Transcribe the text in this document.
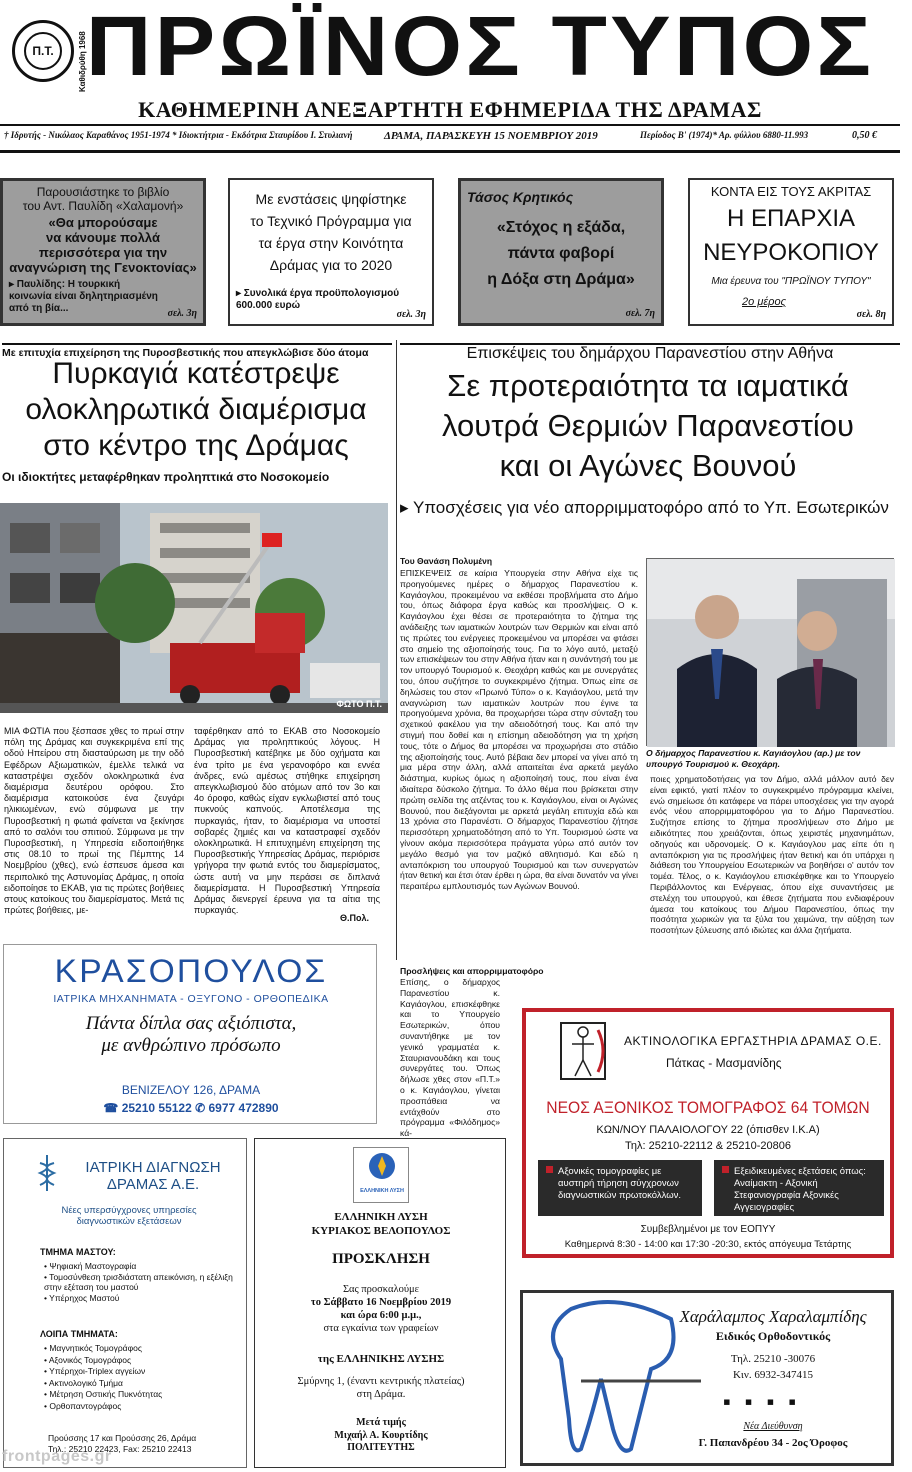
Π.Τ.	Καθιδρύθη 1968
ΠΡΩΪΝΟΣ ΤΥΠΟΣ
ΚΑΘΗΜΕΡΙΝΗ ΑΝΕΞΑΡΤΗΤΗ ΕΦΗΜΕΡΙΔΑ ΤΗΣ ΔΡΑΜΑΣ
† Ιδρυτής - Νικόλαος Καραθάνος 1951-1974 * Ιδιοκτήτρια - Εκδότρια Σταυρίδου Ι. Στυλιανή	ΔΡΑΜΑ, ΠΑΡΑΣΚΕΥΗ 15 ΝΟΕΜΒΡΙΟΥ 2019	Περίοδος Β' (1974)* Αρ. φύλλου 6880-11.993	0,50 €
Παρουσιάστηκε το βιβλίο
του Αντ. Παυλίδη «Χαλαμονή»
«Θα μπορούσαμε
να κάνουμε πολλά
περισσότερα για την
αναγνώριση της Γενοκτονίας»
▸ Παυλίδης: Η τουρκική κοινωνία είναι δηλητηριασμένη από τη βία...	σελ. 3η
Με ενστάσεις ψηφίστηκε
το Τεχνικό Πρόγραμμα για
τα έργα στην Κοινότητα
Δράμας για το 2020
▸ Συνολικά έργα προϋπολογισμού 600.000 ευρώ
σελ. 3η
Τάσος Κρητικός
«Στόχος η εξάδα,
πάντα φαβορί
η Δόξα στη Δράμα»
σελ. 7η
ΚΟΝΤΑ ΕΙΣ ΤΟΥΣ ΑΚΡΙΤΑΣ
Η ΕΠΑΡΧΙΑ
ΝΕΥΡΟΚΟΠΙΟΥ
Μια έρευνα του "ΠΡΩΪΝΟΥ ΤΥΠΟΥ"
2ο μέρος
σελ. 8η
Με επιτυχία επιχείρηση της Πυροσβεστικής που απεγκλώβισε δύο άτομα
Πυρκαγιά κατέστρεψε
ολοκληρωτικά διαμέρισμα
στο κέντρο της Δράμας
Οι ιδιοκτήτες μεταφέρθηκαν προληπτικά στο Νοσοκομείο
ΦΩΤΟ Π.Τ.
ΜΙΑ ΦΩΤΙΑ που ξέσπασε χθες το πρωί στην πόλη της Δράμας και συγκεκριμένα επί της οδού Ηπείρου στη διασταύρωση με την οδό Εφέδρων Αξιωματικών, έμελλε τελικά να καταστρέψει σχεδόν ολοκληρωτικά ένα διαμέρισμα δευτέρου ορόφου. Στο διαμέρισμα κατοικούσε ένα ζευγάρι ηλικιωμένων, ενώ σύμφωνα με την Πυροσβεστική η φωτιά φαίνεται να ξεκίνησε από το σαλόνι του σπιτιού. Σύμφωνα με την Πυροσβεστική, η Υπηρεσία ειδοποιήθηκε στις 08.10 το πρωί της Πέμπτης 14 Νοεμβρίου (χθες), ενώ έσπευσε άμεσα και περιπολικό της Αστυνομίας Δράμας, η οποία ειδοποίησε το ΕΚΑΒ, για τις πρώτες βοήθειες στους κατοίκους του διαμερίσματος. Μετά τις πρώτες βοήθειες, με-
ταφέρθηκαν από το ΕΚΑΒ στο Νοσοκομείο Δράμας για προληπτικούς λόγους. Η Πυροσβεστική κατέβηκε με δύο οχήματα και ένα τρίτο με ένα γερανοφόρο και εννέα άνδρες, ενώ αμέσως στήθηκε επιχείρηση απεγκλωβισμού δύο ατόμων από τον 3ο και 4ο όροφο, καθώς είχαν εγκλωβιστεί από τους πυκνούς καπνούς. Αποτέλεσμα της πυρκαγιάς, ήταν, το διαμέρισμα να υποστεί σοβαρές ζημιές και να καταστραφεί σχεδόν ολοκληρωτικά. Η επιτυχημένη επιχείρηση της Πυροσβεστικής Υπηρεσίας Δράμας, περιόρισε γρήγορα την φωτιά εντός του διαμερίσματος, ώστε αυτή να μην περάσει σε διπλανά διαμερίσματα. Η Πυροσβεστική Υπηρεσία Δράμας διενεργεί έρευνα για τα αίτια της πυρκαγιάς.
Θ.Πολ.
Επισκέψεις του δημάρχου Παρανεστίου στην Αθήνα
Σε προτεραιότητα τα ιαματικά
λουτρά Θερμιών Παρανεστίου
και οι Αγώνες Βουνού
▸ Υποσχέσεις για νέο απορριμματοφόρο από το Υπ. Εσωτερικών
Του Θανάση Πολυμένη
ΕΠΙΣΚΕΨΕΙΣ σε καίρια Υπουργεία στην Αθήνα είχε τις προηγούμενες ημέρες ο δήμαρχος Παρανεστίου κ. Καγιάογλου, προκειμένου να εκθέσει προβλήματα στο Δήμο του, όπως διάφορα έργα καθώς και προσλήψεις. Ο κ. Καγιάογλου έχει θέσει σε προτεραιότητα το ζήτημα της ανάδειξης των ιαματικών λουτρών των Θερμιών και είναι από τις πρώτες του ενέργειες προκειμένου να μπορέσει να φτάσει στο σημείο της αξιοποίησής τους. Για το λόγο αυτό, μεταξύ των επισκέψεων του στην Αθήνα ήταν και η συνάντησή του με τον υπουργό Τουρισμού κ. Θεοχάρη καθώς και με συνεργάτες του, όπου συζήτησε το συγκεκριμένο ζήτημα. Όπως είπε σε δηλώσεις του στον «Πρωινό Τύπο» ο κ. Καγιάογλου, μετά την αναγνώριση των ιαματικών λουτρών που έγινε τα προηγούμενα χρόνια, θα προχωρήσει τώρα στην σύνταξη του σχετικού φακέλου για την αδειοδότησή τους. Και από την στιγμή που δοθεί και η επίσημη αδειοδότηση για τη χρήση τους, τότε ο Δήμος θα μπορέσει να προχωρήσει στο στάδιο της αξιοποίησής τους. Αυτό βέβαια δεν μπορεί να γίνει από τη μια μέρα στην άλλη, αλλά απαιτείται ένα αρκετά μεγάλο διάστημα, κυρίως όμως η αξιοποίησή τους, που είναι ένα ιδιαίτερα δύσκολο ζήτημα. Το άλλο θέμα που βρίσκεται στην πρώτη σελίδα της ατζέντας του κ. Καγιάογλου, είναι οι Αγώνες Βουνού, που διεξάγονται με αρκετά μεγάλη επιτυχία εδώ και 13 χρόνια στο Παρανέστι. Ο δήμαρχος Παρανεστίου ζήτησε περισσότερη χρηματοδότηση από το Υπ. Τουρισμού ώστε να γίνουν ακόμα περισσότερα πράγματα γύρω από αυτόν τον μεγάλο θεσμό για τον μαζικό αθλητισμό. Και εδώ η ανταπόκριση του υπουργού Τουρισμού και των συνεργατών ήταν θετική και έτσι όταν έρθει η ώρα, θα είναι δυνατόν να γίνει περαιτέρω εμπλουτισμός των Αγώνων Βουνού.
Προσλήψεις και απορριμματοφόρο
Επίσης, ο δήμαρχος Παρανεστίου κ. Καγιάογλου, επισκέφθηκε και το Υπουργείο Εσωτερικών, όπου συναντήθηκε με τον γενικό γραμματέα κ. Σταυριανουδάκη και τους συνεργάτες του. Όπως δήλωσε χθες στον «Π.Τ.» ο κ. Καγιάογλου, γίνεται προσπάθεια να εντάχθούν στο πρόγραμμα «Φιλόδημος» κά-
Ο δήμαρχος Παρανεστίου κ. Καγιάογλου (αρ.) με τον υπουργό Τουρισμού κ. Θεοχάρη.
ποιες χρηματοδοτήσεις για τον Δήμο, αλλά μάλλον αυτό δεν είναι εφικτό, γιατί πλέον το συγκεκριμένο πρόγραμμα κλείνει, ενώ σημείωσε ότι κατάφερε να πάρει υποσχέσεις για την αγορά ενός νέου απορριμματοφόρου για το Δήμο Παρανεστίου. Συζήτησε επίσης το ζήτημα προσλήψεων στο Δήμο με ειδικότητες που χρειάζονται, όπως χειριστές μηχανημάτων, οδηγούς και υδρονομείς. Ο κ. Καγιάογλου μας είπε ότι η ανταπόκριση για τις προσλήψεις ήταν θετική και ότι υπάρχει η διάθεση του Υπουργείου Εσωτερικών να βοηθήσει ο' αυτόν τον τομέα. Τέλος, ο κ. Καγιάογλου επισκέφθηκε και το Υπουργείο Περιβάλλοντος και Ενέργειας, όπου είχε συναντήσεις με στελέχη του υπουργού, και έθεσε ζητήματα που ενδιαφέρουν άμεσα του κατοίκους του Δήμου Παρανεστίου, όπως την ποσότητα χωρικών για τα ξύλα του χειμώνα, την αύξηση των ποσοτήτων ξύλευσης από ιδιώτες και άλλα ζητήματα.
ΚΡΑΣΟΠΟΥΛΟΣ
ΙΑΤΡΙΚΑ ΜΗΧΑΝΗΜΑΤΑ - ΟΞΥΓΟΝΟ - ΟΡΘΟΠΕΔΙΚΑ
Πάντα δίπλα σας αξιόπιστα,
με ανθρώπινο πρόσωπο
ΒΕΝΙΖΕΛΟΥ 126, ΔΡΑΜΑ
☎ 25210 55122 ✆ 6977 472890
ΑΚΤΙΝΟΛΟΓΙΚΑ ΕΡΓΑΣΤΗΡΙΑ ΔΡΑΜΑΣ Ο.Ε.
Πάτκας - Μασμανίδης
ΝΕΟΣ ΑΞΟΝΙΚΟΣ ΤΟΜΟΓΡΑΦΟΣ 64 ΤΟΜΩΝ
ΚΩΝ/ΝΟΥ ΠΑΛΑΙΟΛΟΓΟΥ 22 (όπισθεν Ι.Κ.Α)
Τηλ: 25210-22112 & 25210-20806
Αξονικές τομογραφίες με αυστηρή τήρηση σύγχρονων διαγνωστικών πρωτοκόλλων.
Εξειδικευμένες εξετάσεις όπως: Αναίμακτη - Αξονική Στεφανιογραφία Αξονικές Αγγειογραφίες
Συμβεβλημένοι με τον ΕΟΠΥΥ
Καθημερινά 8:30 - 14:00 και 17:30 -20:30, εκτός απόγευμα Τετάρτης
ΙΑΤΡΙΚΗ ΔΙΑΓΝΩΣΗ
ΔΡΑΜΑΣ Α.Ε.
Νέες υπερσύγχρονες υπηρεσίες διαγνωστικών εξετάσεων
ΤΜΗΜΑ ΜΑΣΤΟΥ:
• Ψηφιακή Μαστογραφία
• Τομοσύνθεση τρισδιάστατη απεικόνιση, η εξέλιξη στην εξέταση του μαστού
• Υπέρηχος Μαστού
ΛΟΙΠΑ ΤΜΗΜΑΤΑ:
• Μαγνητικός Τομογράφος
• Αξονικός Τομογράφος
• Υπέρηχοι-Triplex αγγείων
• Ακτινολογικό Τμήμα
• Μέτρηση Οστικής Πυκνότητας
• Ορθοπαντογράφος
Προύσσης 17 και Προύσσης 26, Δράμα
Τηλ.: 25210 22423, Fax: 25210 22413
ΕΛΛΗΝΙΚΗ ΛΥΣΗ
ΕΛΛΗΝΙΚΗ ΛΥΣΗ
ΚΥΡΙΑΚΟΣ ΒΕΛΟΠΟΥΛΟΣ
ΠΡΟΣΚΛΗΣΗ
Σας προσκαλούμε
το Σάββατο 16 Νοεμβρίου 2019
και ώρα 6:00 μ.μ.,
στα εγκαίνια των γραφείων
της ΕΛΛΗΝΙΚΗΣ ΛΥΣΗΣ
Σμύρνης 1, (έναντι κεντρικής πλατείας)
στη Δράμα.
Μετά τιμής
Μιχαήλ Α. Κουρτίδης
ΠΟΛΙΤΕΥΤΗΣ
Χαράλαμπος Χαραλαμπίδης
Ειδικός Ορθοδοντικός
Τηλ. 25210 -30076
Κιν. 6932-347415
▪▪▪▪
Νέα Διεύθυνση
Γ. Παπανδρέου 34 - 2ος Όροφος
frontpages.gr
